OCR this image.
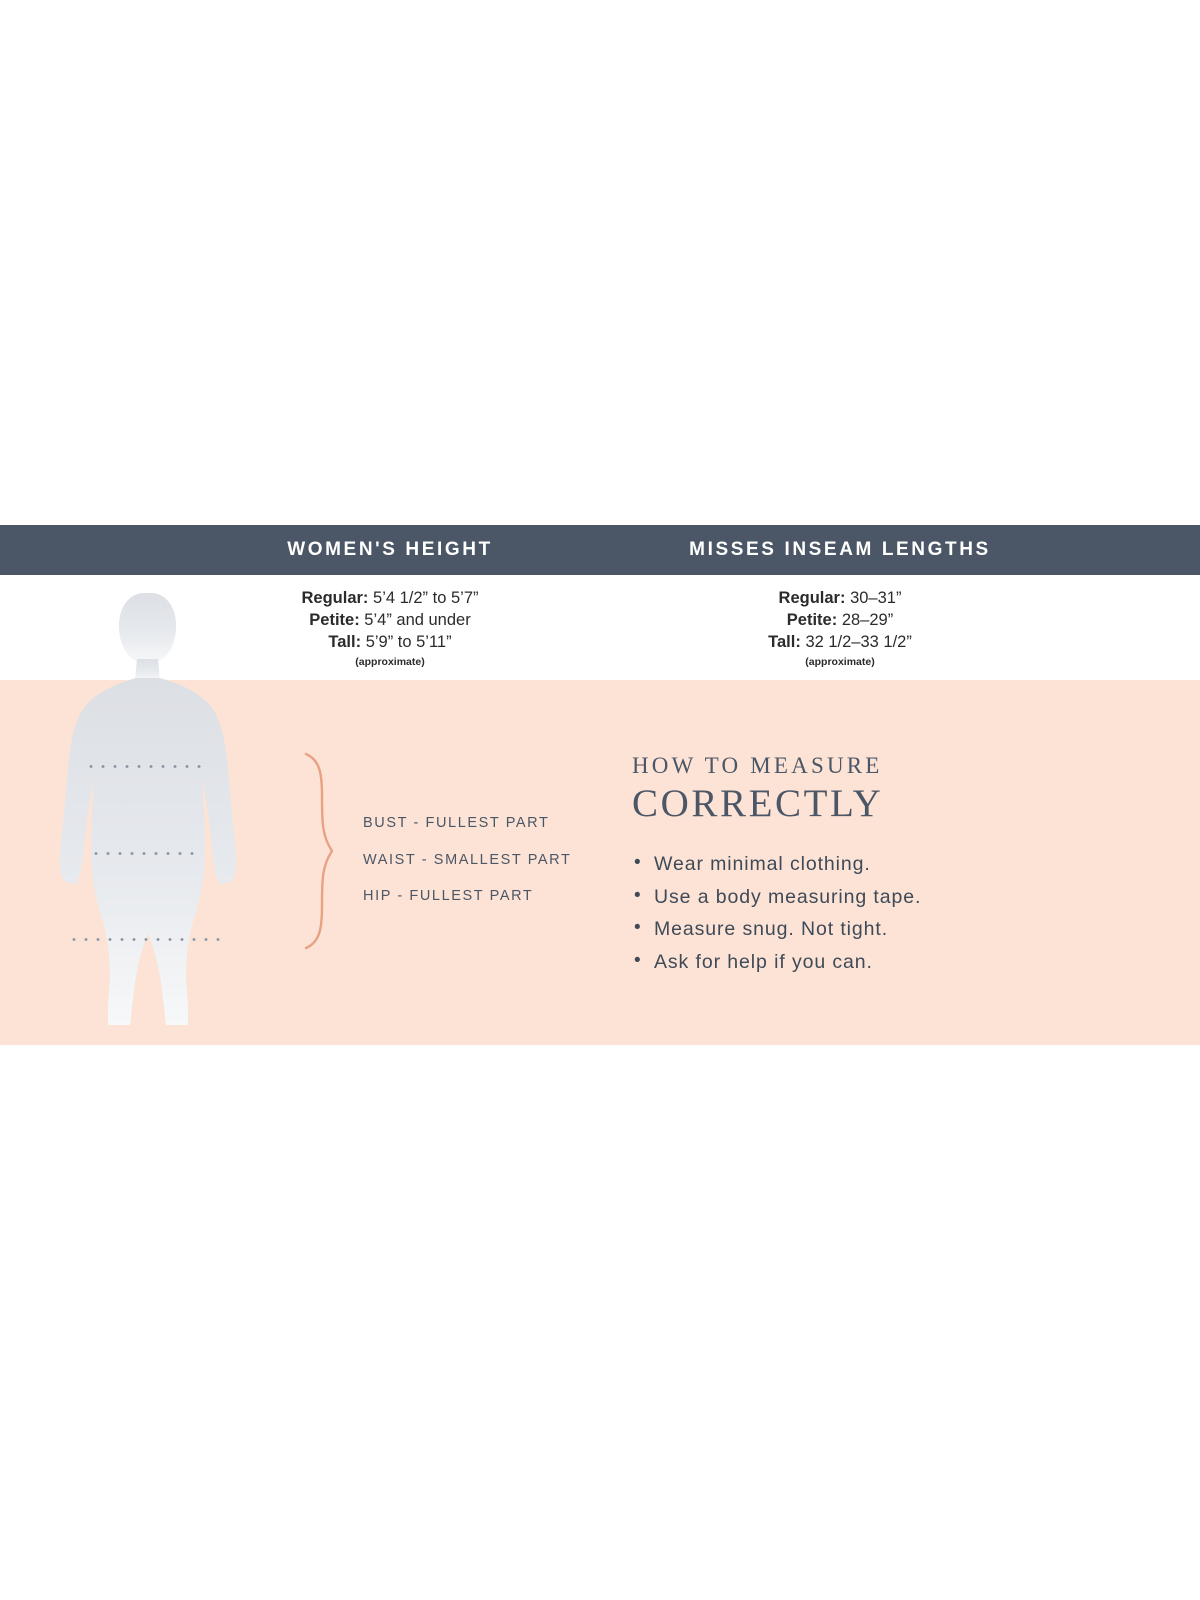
WOMEN'S HEIGHT	MISSES INSEAM LENGTHS
Regular: 5’4 1/2” to 5’7”
Petite: 5’4” and under
Tall: 5’9” to 5’11”
(approximate)
Regular: 30–31”
Petite: 28–29”
Tall: 32 1/2–33 1/2”
(approximate)
BUST - FULLEST PART
WAIST - SMALLEST PART
HIP - FULLEST PART
HOW TO MEASURE
CORRECTLY
• Wear minimal clothing.
• Use a body measuring tape.
• Measure snug. Not tight.
• Ask for help if you can.
